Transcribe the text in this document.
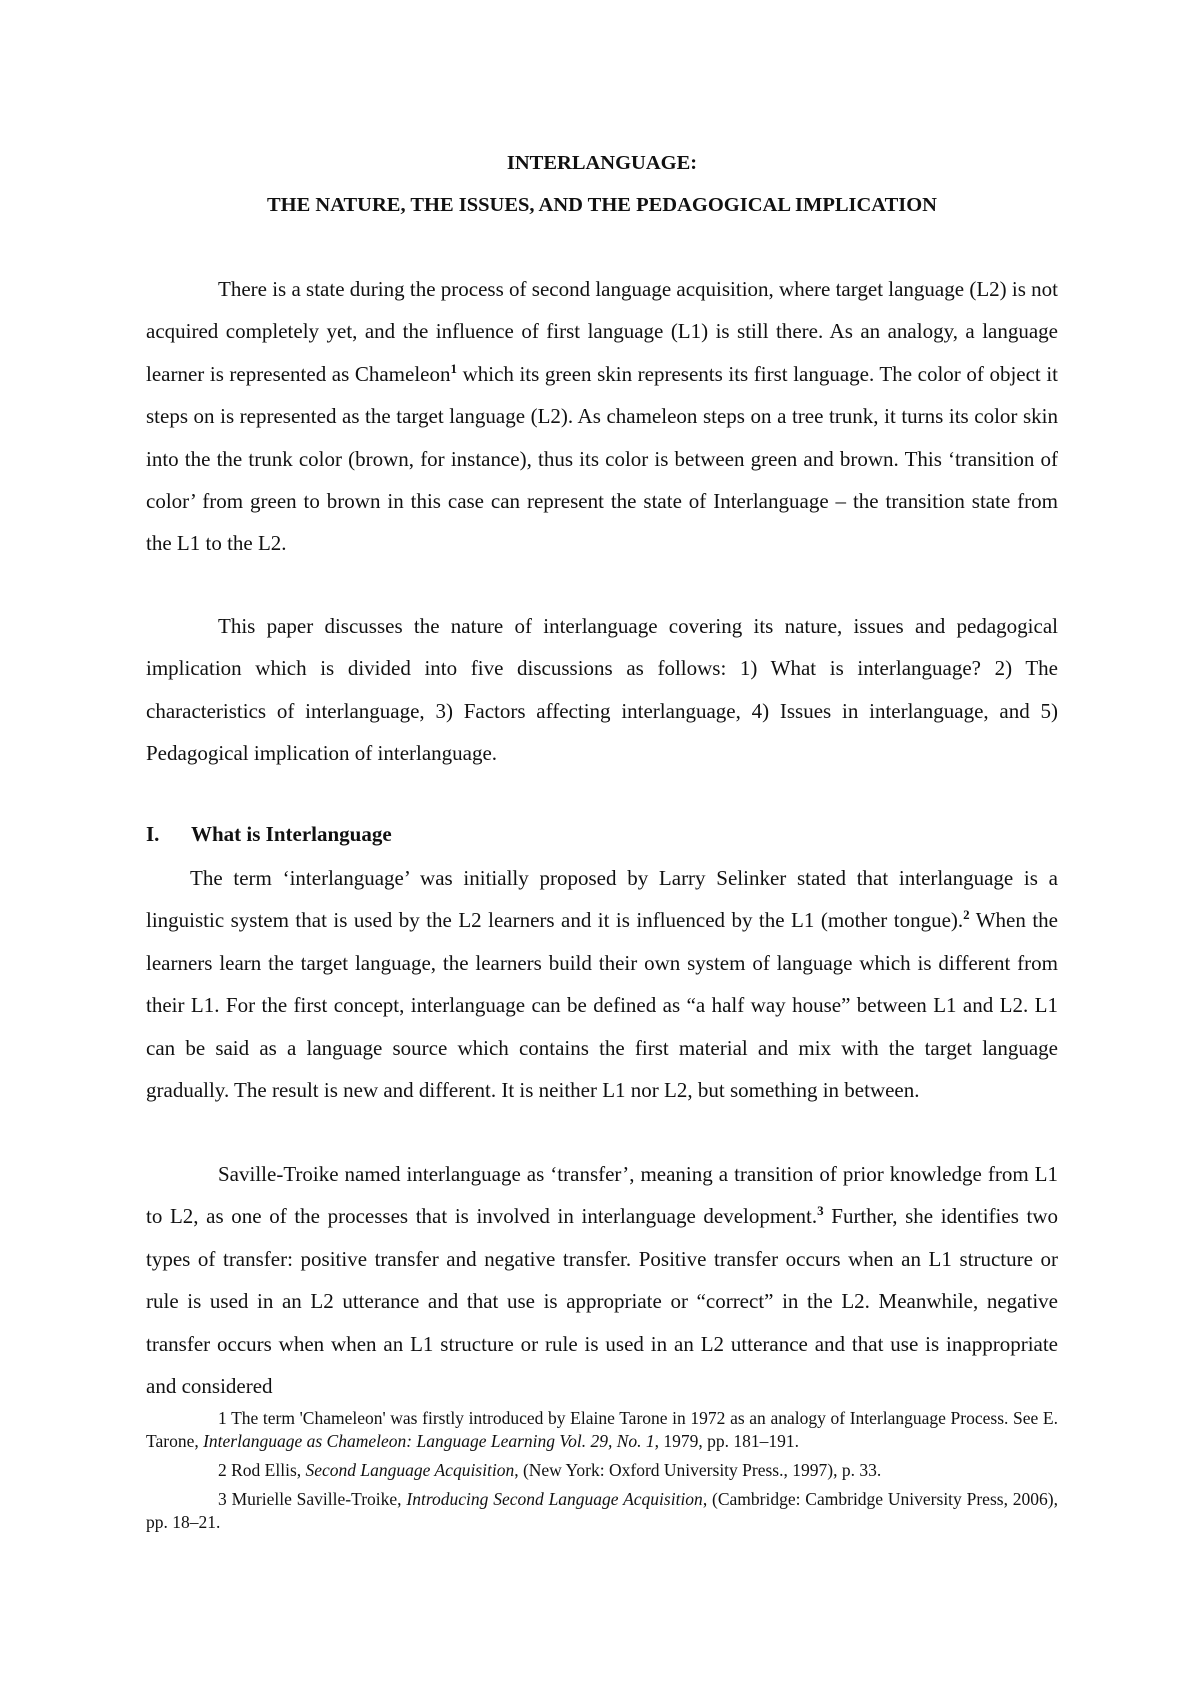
INTERLANGUAGE:

THE NATURE, THE ISSUES, AND THE PEDAGOGICAL IMPLICATION

There is a state during the process of second language acquisition, where target language (L2) is not acquired completely yet, and the influence of first language (L1) is still there. As an analogy, a language learner is represented as Chameleon$^1$ which its green skin represents its first language. The color of object it steps on is represented as the target language (L2). As chameleon steps on a tree trunk, it turns its color skin into the the trunk color (brown, for instance), thus its color is between green and brown. This ‘transition of color’ from green to brown in this case can represent the state of Interlanguage – the transition state from the L1 to the L2.

This paper discusses the nature of interlanguage covering its nature, issues and pedagogical implication which is divided into five discussions as follows: 1) What is interlanguage? 2) The characteristics of interlanguage, 3) Factors affecting interlanguage, 4) Issues in interlanguage, and 5) Pedagogical implication of interlanguage.

I. What is Interlanguage

The term ‘interlanguage’ was initially proposed by Larry Selinker stated that interlanguage is a linguistic system that is used by the L2 learners and it is influenced by the L1 (mother tongue).$^2$ When the learners learn the target language, the learners build their own system of language which is different from their L1. For the first concept, interlanguage can be defined as “a half way house” between L1 and L2. L1 can be said as a language source which contains the first material and mix with the target language gradually. The result is new and different. It is neither L1 nor L2, but something in between.

Saville-Troike named interlanguage as ‘transfer’, meaning a transition of prior knowledge from L1 to L2, as one of the processes that is involved in interlanguage development.$^3$ Further, she identifies two types of transfer: positive transfer and negative transfer. Positive transfer occurs when an L1 structure or rule is used in an L2 utterance and that use is appropriate or “correct” in the L2. Meanwhile, negative transfer occurs when when an L1 structure or rule is used in an L2 utterance and that use is inappropriate and considered

1 The term 'Chameleon' was firstly introduced by Elaine Tarone in 1972 as an analogy of Interlanguage Process. See E. Tarone, Interlanguage as Chameleon: Language Learning Vol. 29, No. 1, 1979, pp. 181–191.

2 Rod Ellis, Second Language Acquisition, (New York: Oxford University Press., 1997), p. 33.

3 Murielle Saville-Troike, Introducing Second Language Acquisition, (Cambridge: Cambridge University Press, 2006), pp. 18–21.
